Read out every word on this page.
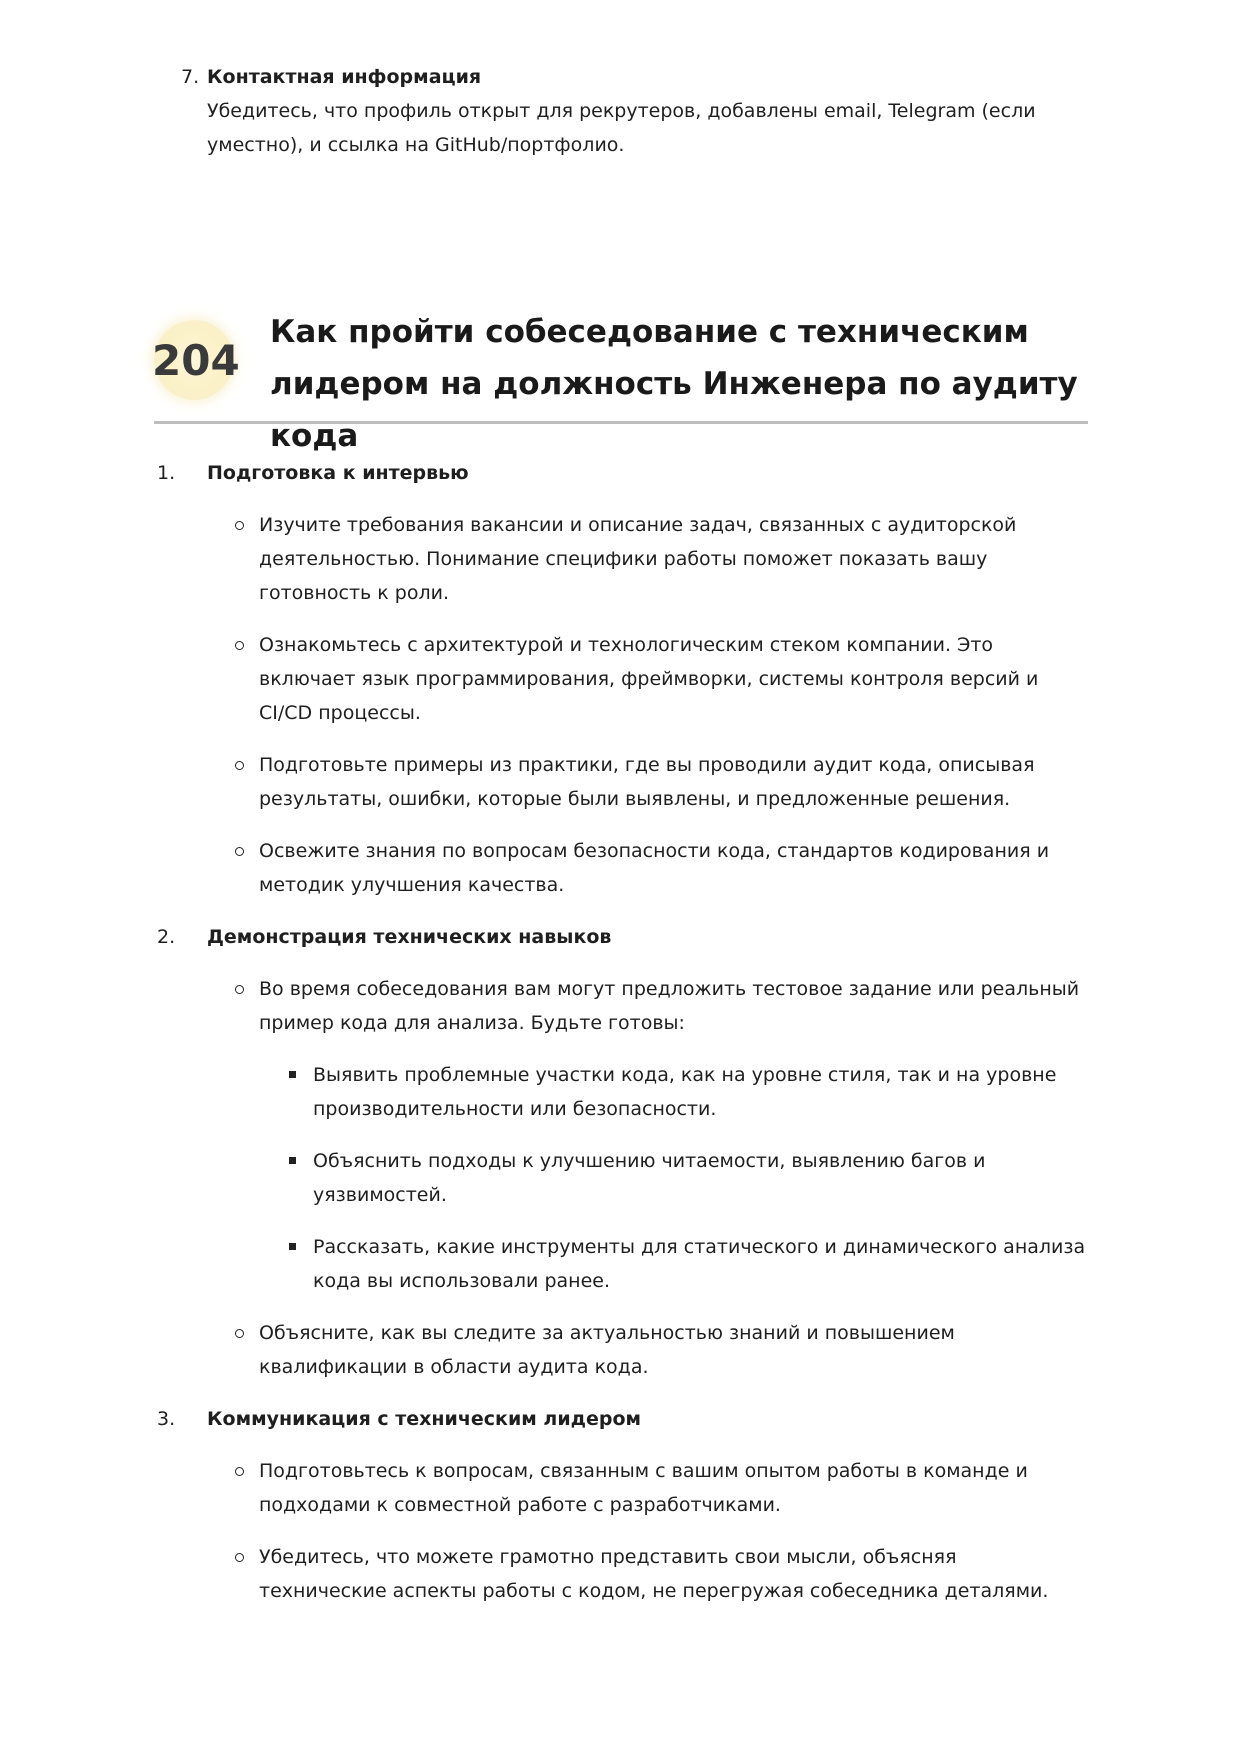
7. Контактная информация
Убедитесь, что профиль открыт для рекрутеров, добавлены email, Telegram (если уместно), и ссылка на GitHub/портфолио.
204
Как пройти собеседование с техническим лидером на должность Инженера по аудиту кода
1. Подготовка к интервью
Изучите требования вакансии и описание задач, связанных с аудиторской деятельностью. Понимание специфики работы поможет показать вашу готовность к роли.
Ознакомьтесь с архитектурой и технологическим стеком компании. Это включает язык программирования, фреймворки, системы контроля версий и CI/CD процессы.
Подготовьте примеры из практики, где вы проводили аудит кода, описывая результаты, ошибки, которые были выявлены, и предложенные решения.
Освежите знания по вопросам безопасности кода, стандартов кодирования и методик улучшения качества.
2. Демонстрация технических навыков
Во время собеседования вам могут предложить тестовое задание или реальный пример кода для анализа. Будьте готовы:
Выявить проблемные участки кода, как на уровне стиля, так и на уровне производительности или безопасности.
Объяснить подходы к улучшению читаемости, выявлению багов и уязвимостей.
Рассказать, какие инструменты для статического и динамического анализа кода вы использовали ранее.
Объясните, как вы следите за актуальностью знаний и повышением квалификации в области аудита кода.
3. Коммуникация с техническим лидером
Подготовьтесь к вопросам, связанным с вашим опытом работы в команде и подходами к совместной работе с разработчиками.
Убедитесь, что можете грамотно представить свои мысли, объясняя технические аспекты работы с кодом, не перегружая собеседника деталями.
